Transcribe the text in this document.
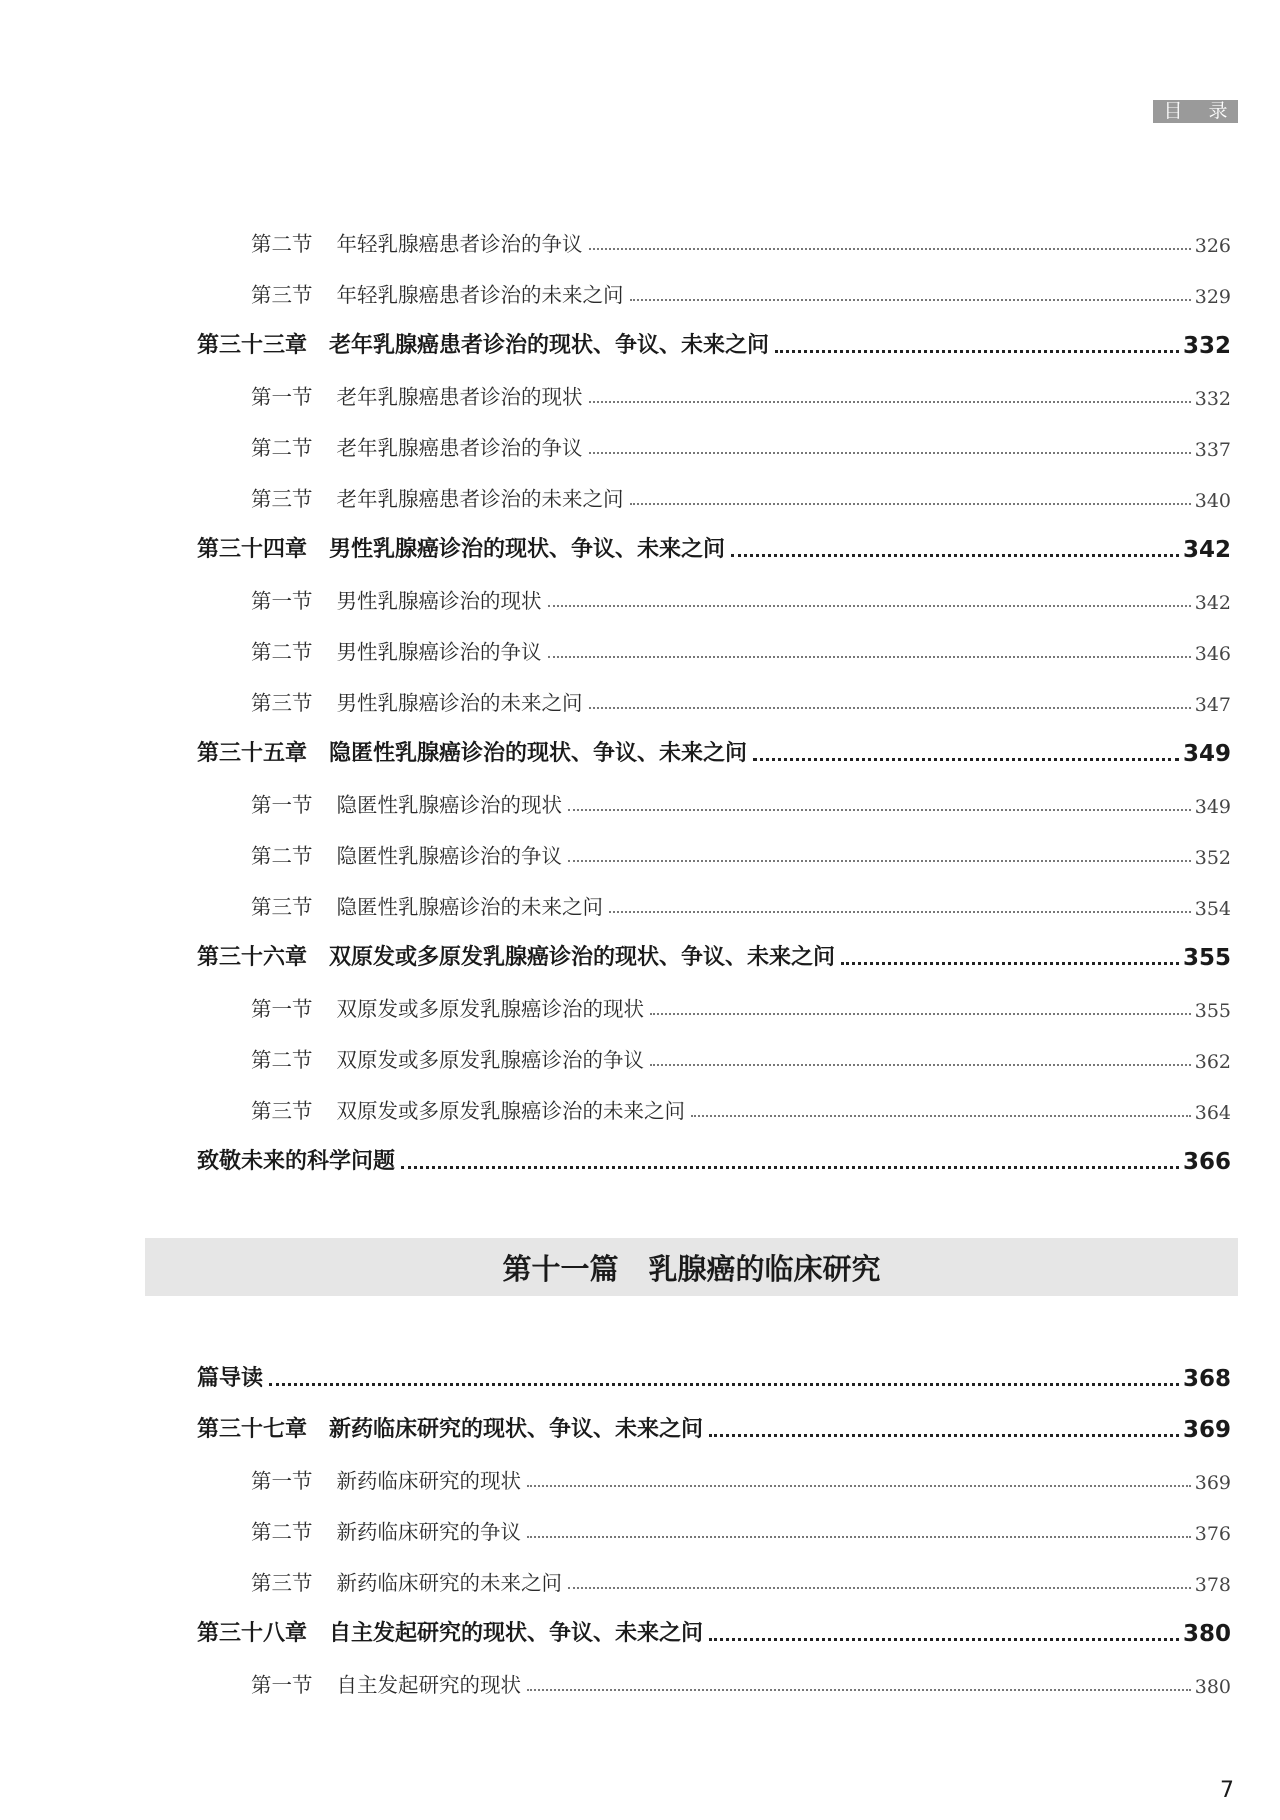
目 录
第二节 年轻乳腺癌患者诊治的争议	326
第三节 年轻乳腺癌患者诊治的未来之问	329
第三十三章 老年乳腺癌患者诊治的现状、争议、未来之问	332
第一节 老年乳腺癌患者诊治的现状	332
第二节 老年乳腺癌患者诊治的争议	337
第三节 老年乳腺癌患者诊治的未来之问	340
第三十四章 男性乳腺癌诊治的现状、争议、未来之问	342
第一节 男性乳腺癌诊治的现状	342
第二节 男性乳腺癌诊治的争议	346
第三节 男性乳腺癌诊治的未来之问	347
第三十五章 隐匿性乳腺癌诊治的现状、争议、未来之问	349
第一节 隐匿性乳腺癌诊治的现状	349
第二节 隐匿性乳腺癌诊治的争议	352
第三节 隐匿性乳腺癌诊治的未来之问	354
第三十六章 双原发或多原发乳腺癌诊治的现状、争议、未来之问	355
第一节 双原发或多原发乳腺癌诊治的现状	355
第二节 双原发或多原发乳腺癌诊治的争议	362
第三节 双原发或多原发乳腺癌诊治的未来之问	364
致敬未来的科学问题	366
第十一篇 乳腺癌的临床研究
篇导读	368
第三十七章 新药临床研究的现状、争议、未来之问	369
第一节 新药临床研究的现状	369
第二节 新药临床研究的争议	376
第三节 新药临床研究的未来之问	378
第三十八章 自主发起研究的现状、争议、未来之问	380
第一节 自主发起研究的现状	380
7
